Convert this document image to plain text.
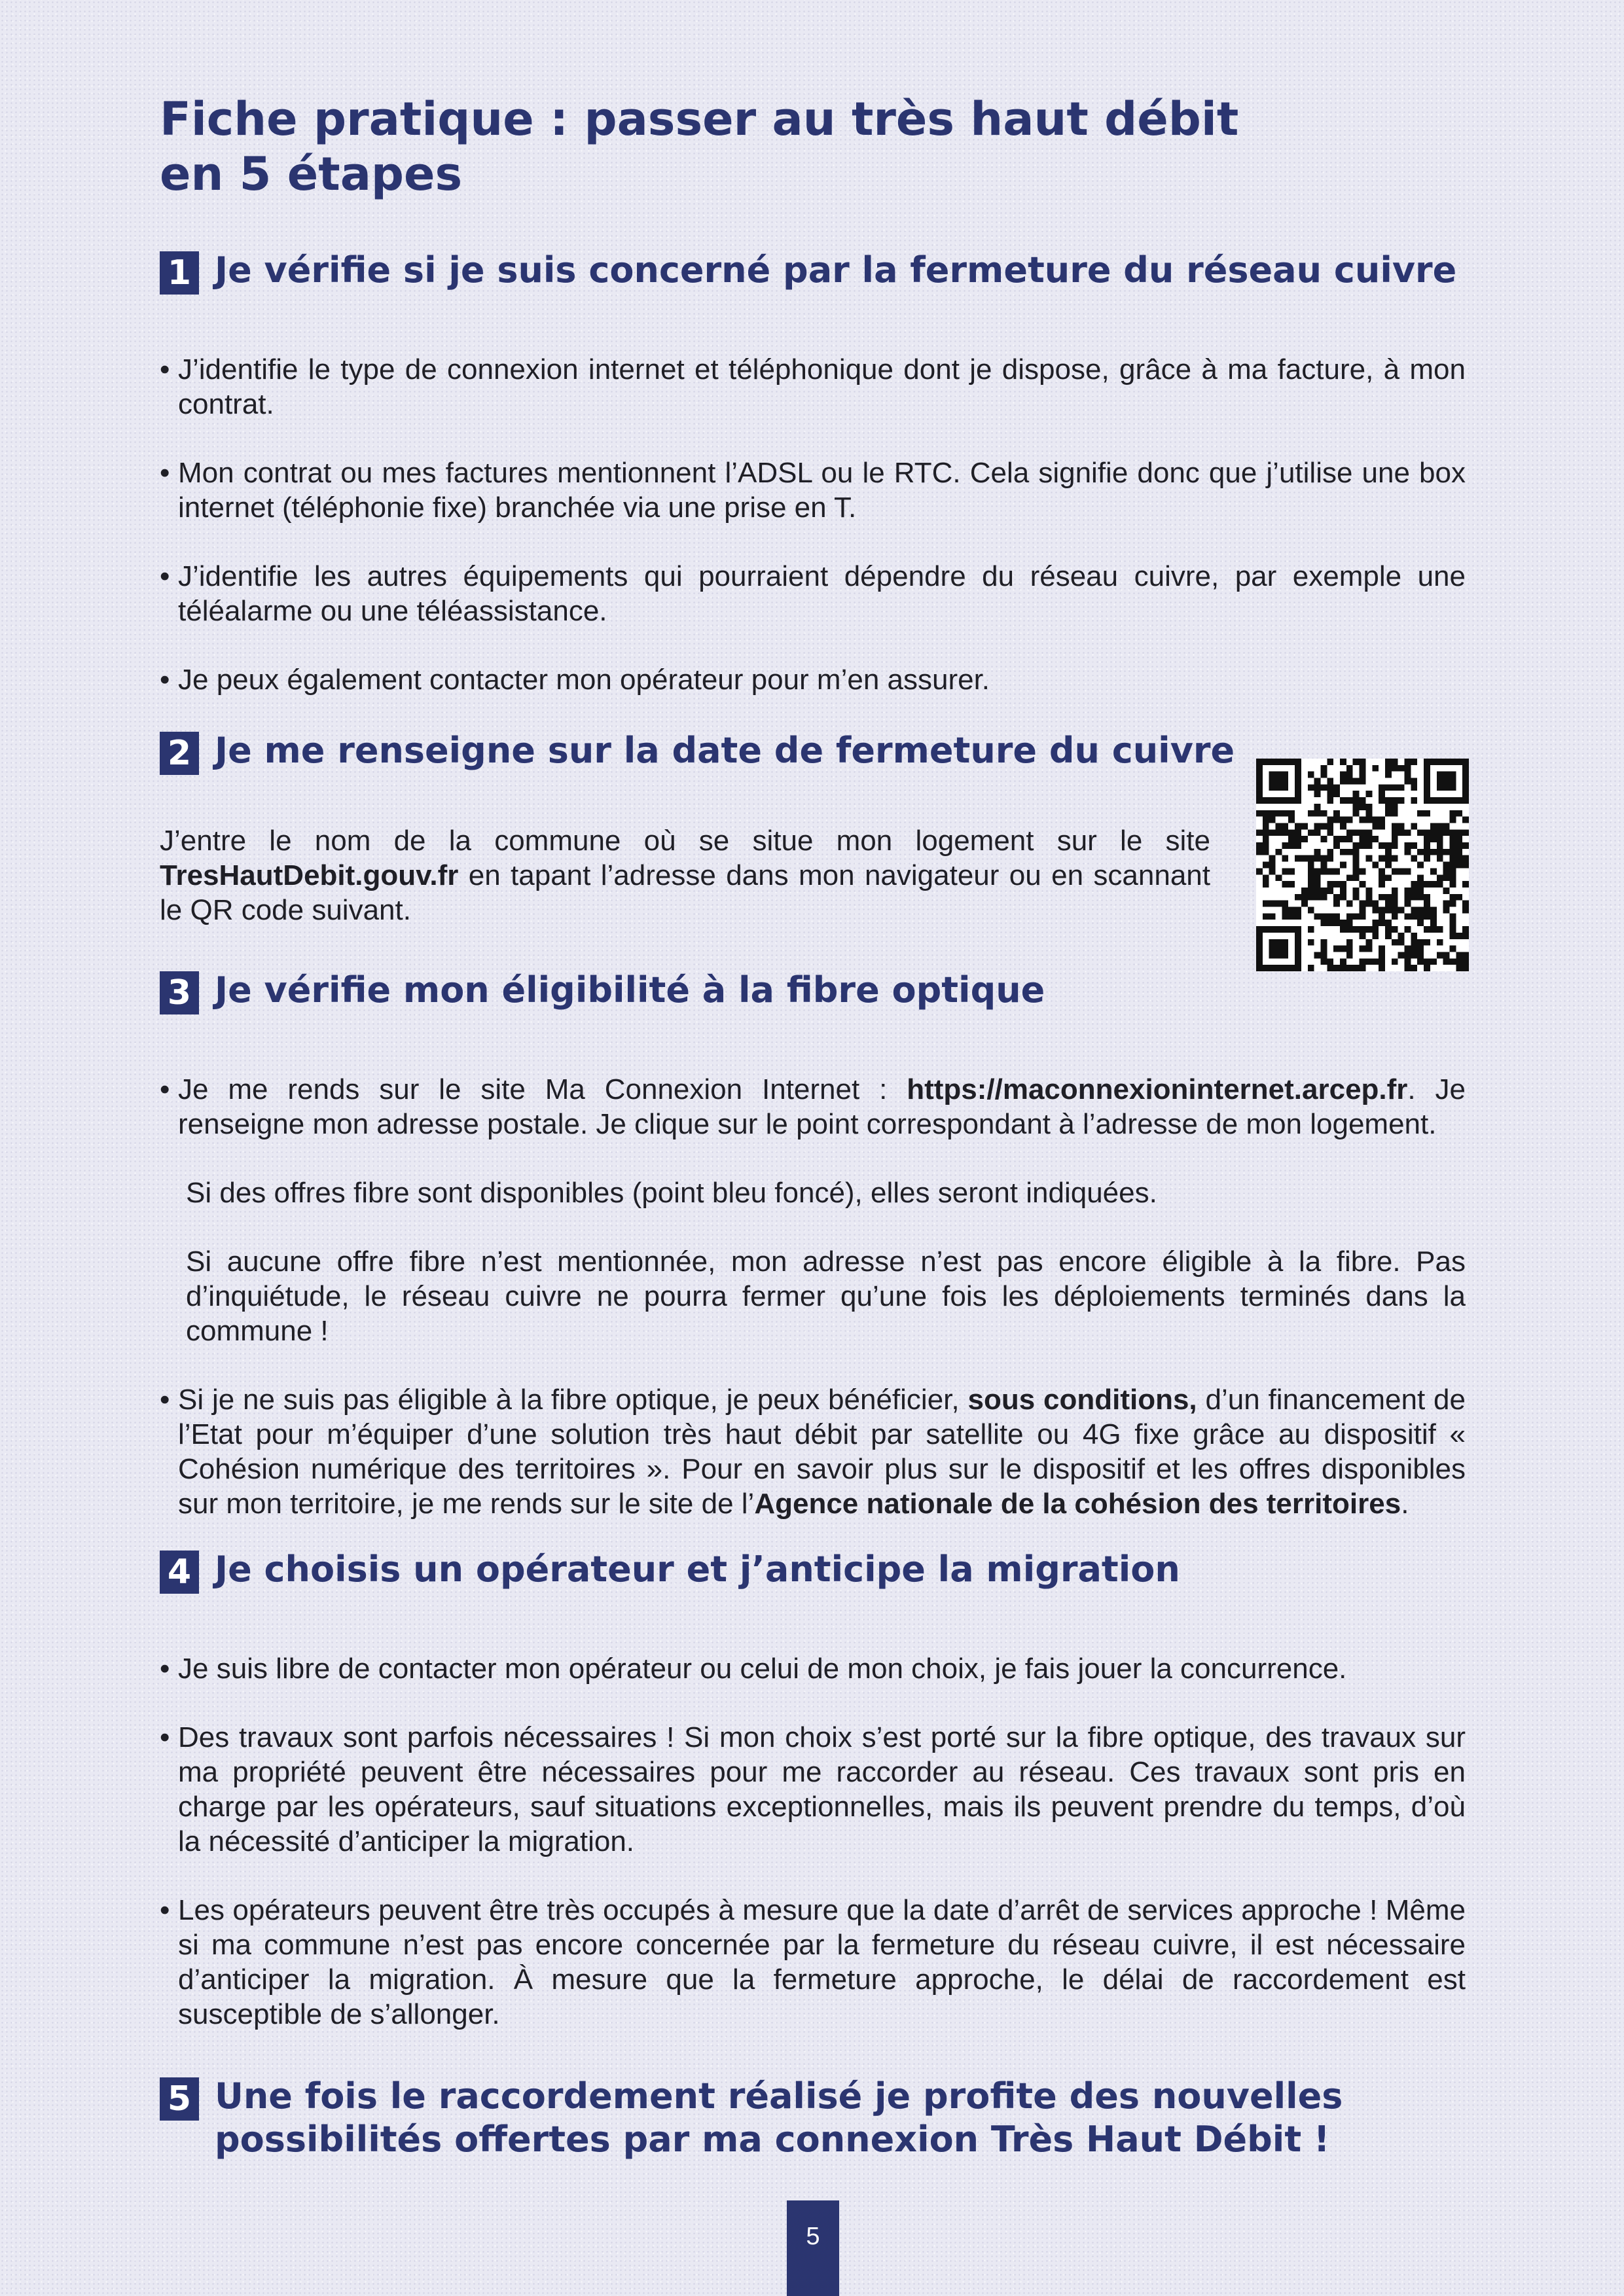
Fiche pratique : passer au très haut débit
en 5 étapes
1 Je vérifie si je suis concerné par la fermeture du réseau cuivre

• J’identifie le type de connexion internet et téléphonique dont je dispose, grâce à ma facture, à mon contrat.

• Mon contrat ou mes factures mentionnent l’ADSL ou le RTC. Cela signifie donc que j’utilise une box internet (téléphonie fixe) branchée via une prise en T.

• J’identifie les autres équipements qui pourraient dépendre du réseau cuivre, par exemple une téléalarme ou une téléassistance.

• Je peux également contacter mon opérateur pour m’en assurer.

2 Je me renseigne sur la date de fermeture du cuivre

J’entre le nom de la commune où se situe mon logement sur le site TresHautDebit.gouv.fr en tapant l’adresse dans mon navigateur ou en scannant le QR code suivant.

3 Je vérifie mon éligibilité à la fibre optique

• Je me rends sur le site Ma Connexion Internet : https://maconnexioninternet.arcep.fr. Je renseigne mon adresse postale. Je clique sur le point correspondant à l’adresse de mon logement.

Si des offres fibre sont disponibles (point bleu foncé), elles seront indiquées.

Si aucune offre fibre n’est mentionnée, mon adresse n’est pas encore éligible à la fibre. Pas d’inquiétude, le réseau cuivre ne pourra fermer qu’une fois les déploiements terminés dans la commune !

• Si je ne suis pas éligible à la fibre optique, je peux bénéficier, sous conditions, d’un financement de l’Etat pour m’équiper d’une solution très haut débit par satellite ou 4G fixe grâce au dispositif « Cohésion numérique des territoires ». Pour en savoir plus sur le dispositif et les offres disponibles sur mon territoire, je me rends sur le site de l’Agence nationale de la cohésion des territoires.

4 Je choisis un opérateur et j’anticipe la migration

• Je suis libre de contacter mon opérateur ou celui de mon choix, je fais jouer la concurrence.

• Des travaux sont parfois nécessaires ! Si mon choix s’est porté sur la fibre optique, des travaux sur ma propriété peuvent être nécessaires pour me raccorder au réseau. Ces travaux sont pris en charge par les opérateurs, sauf situations exceptionnelles, mais ils peuvent prendre du temps, d’où la nécessité d’anticiper la migration.

• Les opérateurs peuvent être très occupés à mesure que la date d’arrêt de services approche ! Même si ma commune n’est pas encore concernée par la fermeture du réseau cuivre, il est nécessaire d’anticiper la migration. À mesure que la fermeture approche, le délai de raccordement est susceptible de s’allonger.

5 Une fois le raccordement réalisé je profite des nouvelles
possibilités offertes par ma connexion Très Haut Débit !
5
